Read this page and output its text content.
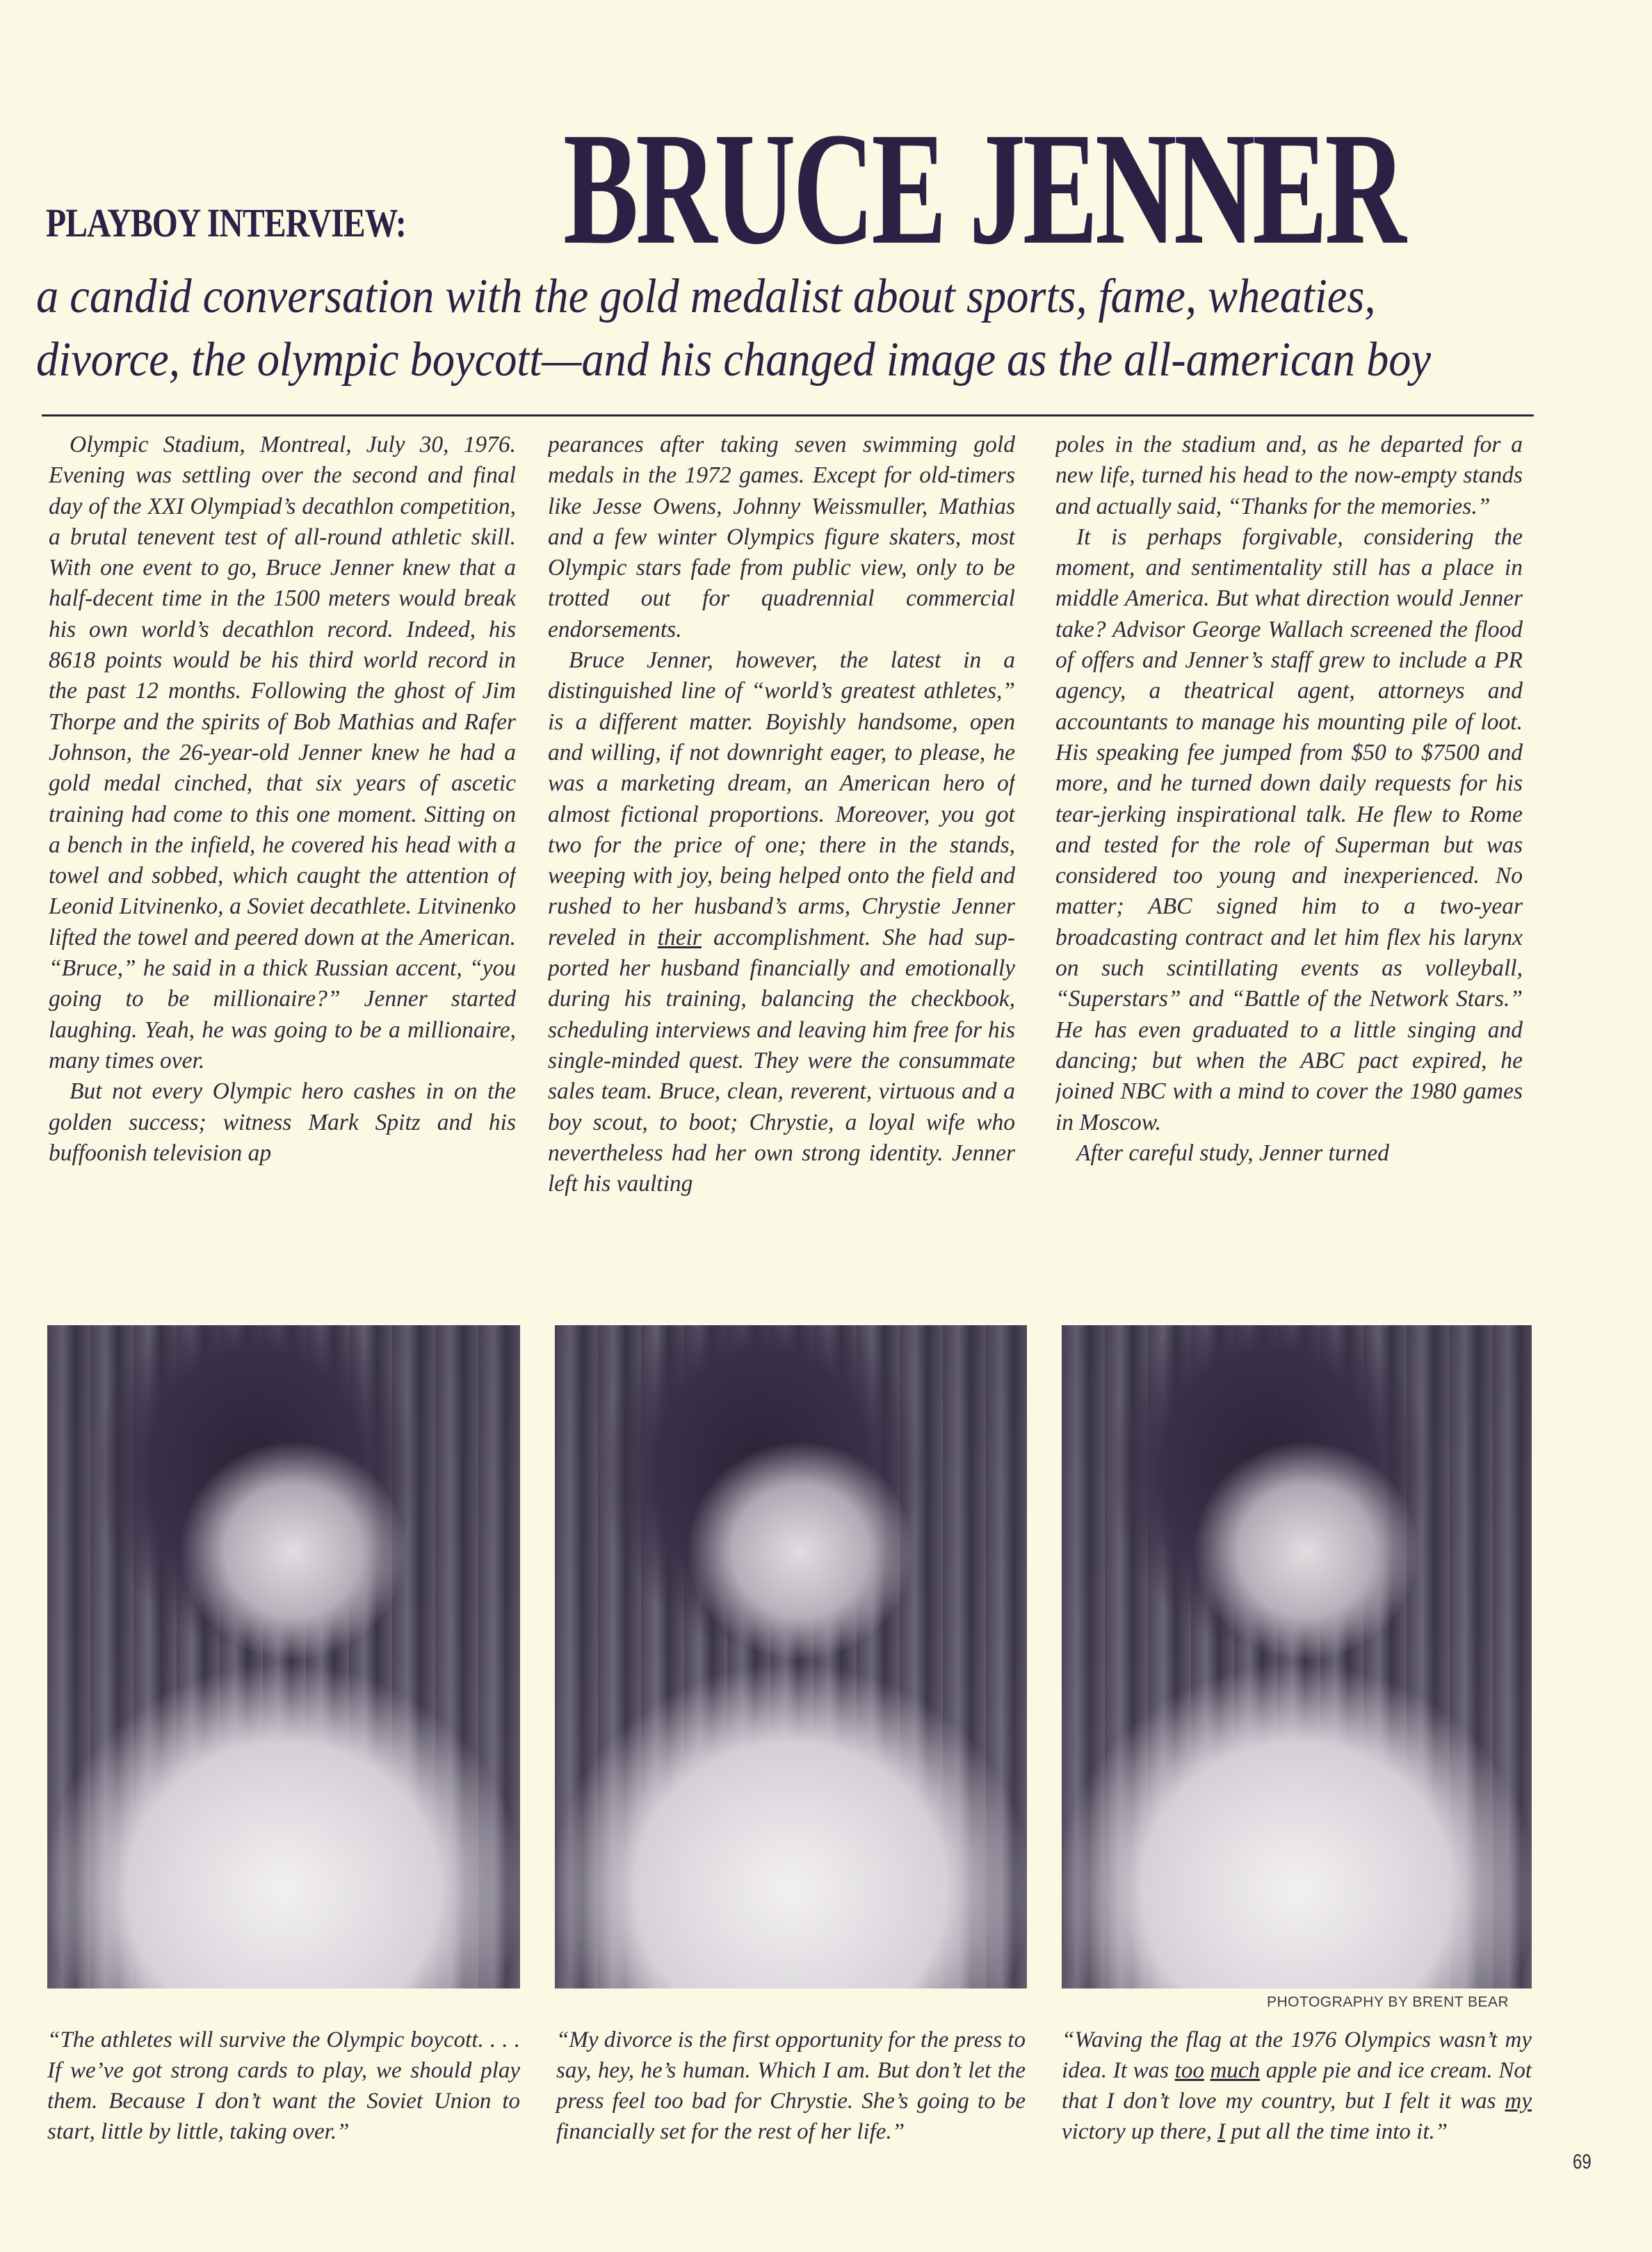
PLAYBOY INTERVIEW: BRUCE JENNER
a candid conversation with the gold medalist about sports, fame, wheaties,
divorce, the olympic boycott—and his changed image as the all-american boy

Olympic Stadium, Montreal, July 30, 1976. Evening was settling over the second and final day of the XXI Olympiad’s decathlon competition, a brutal tenevent test of all-round athletic skill. With one event to go, Bruce Jenner knew that a half-decent time in the 1500 meters would break his own world’s decathlon record. Indeed, his 8618 points would be his third world record in the past 12 months. Following the ghost of Jim Thorpe and the spirits of Bob Mathias and Rafer Johnson, the 26-year-old Jenner knew he had a gold medal cinched, that six years of ascetic training had come to this one moment. Sitting on a bench in the infield, he covered his head with a towel and sobbed, which caught the attention of Leonid Litvinenko, a Soviet decathlete. Litvinenko lifted the towel and peered down at the American. “Bruce,” he said in a thick Russian accent, “you going to be millionaire?” Jenner started laughing. Yeah, he was going to be a millionaire, many times over.

But not every Olympic hero cashes in on the golden success; witness Mark Spitz and his buffoonish television ap

pearances after taking seven swimming gold medals in the 1972 games. Except for old-timers like Jesse Owens, Johnny Weissmuller, Mathias and a few winter Olympics figure skaters, most Olympic stars fade from public view, only to be trotted out for quadrennial commercial endorsements.

Bruce Jenner, however, the latest in a distinguished line of “world’s greatest athletes,” is a different matter. Boyishly handsome, open and willing, if not downright eager, to please, he was a marketing dream, an American hero of almost fictional proportions. Moreover, you got two for the price of one; there in the stands, weeping with joy, being helped onto the field and rushed to her husband’s arms, Chrystie Jenner reveled in their accomplishment. She had supported her husband financially and emotionally during his training, balancing the checkbook, scheduling interviews and leaving him free for his single-minded quest. They were the consummate sales team. Bruce, clean, reverent, virtuous and a boy scout, to boot; Chrystie, a loyal wife who nevertheless had her own strong identity. Jenner left his vaulting

poles in the stadium and, as he departed for a new life, turned his head to the now-empty stands and actually said, “Thanks for the memories.”

It is perhaps forgivable, considering the moment, and sentimentality still has a place in middle America. But what direction would Jenner take? Advisor George Wallach screened the flood of offers and Jenner’s staff grew to include a PR agency, a theatrical agent, attorneys and accountants to manage his mounting pile of loot. His speaking fee jumped from $50 to $7500 and more, and he turned down daily requests for his tear-jerking inspirational talk. He flew to Rome and tested for the role of Superman but was considered too young and inexperienced. No matter; ABC signed him to a two-year broadcasting contract and let him flex his larynx on such scintillating events as volleyball, “Superstars” and “Battle of the Network Stars.” He has even graduated to a little singing and dancing; but when the ABC pact expired, he joined NBC with a mind to cover the 1980 games in Moscow.

After careful study, Jenner turned

PHOTOGRAPHY BY BRENT BEAR
“The athletes will survive the Olympic boycott. . . . If we’ve got strong cards to play, we should play them. Because I don’t want the Soviet Union to start, little by little, taking over.”
“My divorce is the first opportunity for the press to say, hey, he’s human. Which I am. But don’t let the press feel too bad for Chrystie. She’s going to be financially set for the rest of her life.”
“Waving the flag at the 1976 Olympics wasn’t my idea. It was too much apple pie and ice cream. Not that I don’t love my country, but I felt it was my victory up there, I put all the time into it.”
69
